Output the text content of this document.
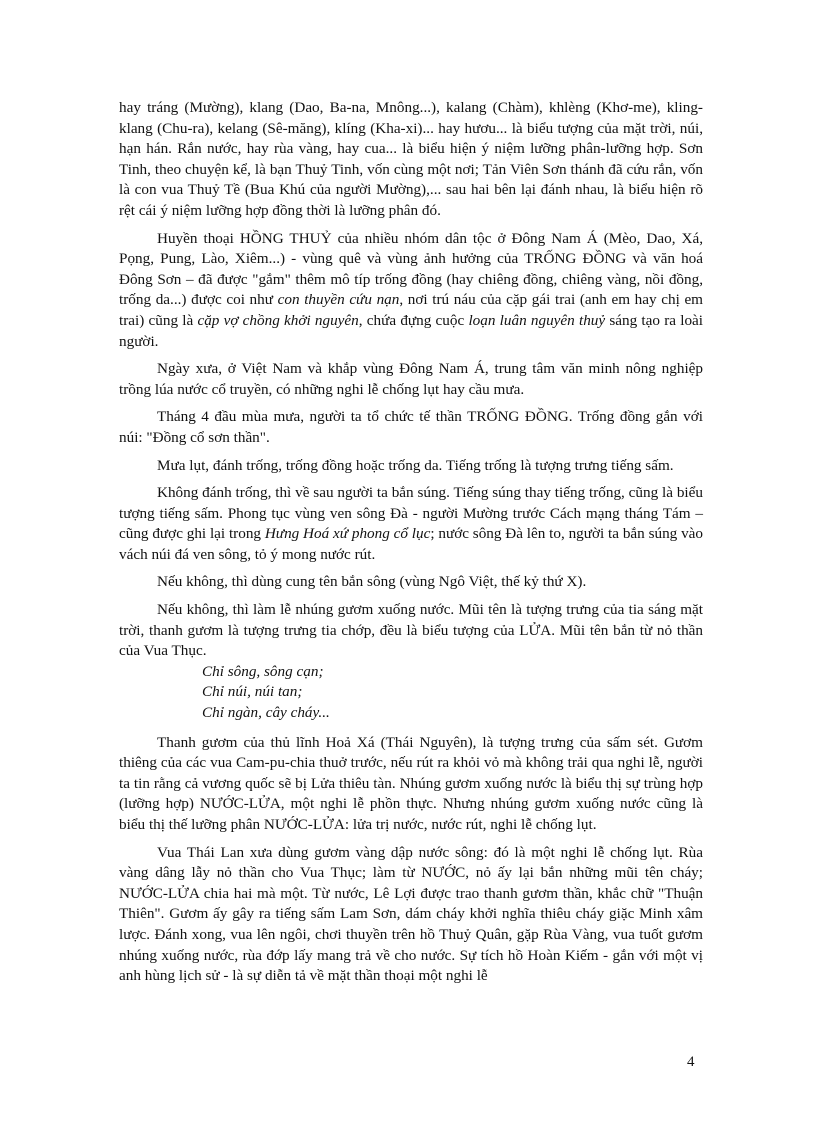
hay tráng (Mường), klang (Dao, Ba-na, Mnông...), kalang (Chàm), khlèng (Khơ-me), kling-klang (Chu-ra), kelang (Sê-măng), klíng (Kha-xi)... hay hươu... là biểu tượng của mặt trời, núi, hạn hán. Rắn nước, hay rùa vàng, hay cua... là biểu hiện ý niệm lưỡng phân-lưỡng hợp. Sơn Tinh, theo chuyện kể, là bạn Thuỷ Tinh, vốn cùng một nơi; Tản Viên Sơn thánh đã cứu rắn, vốn là con vua Thuỷ Tề (Bua Khú của người Mường),... sau hai bên lại đánh nhau, là biểu hiện rõ rệt cái ý niệm lưỡng hợp đồng thời là lưỡng phân đó.

Huyền thoại HỒNG THUỶ của nhiều nhóm dân tộc ở Đông Nam Á (Mèo, Dao, Xá, Pọng, Pung, Lào, Xiêm...) - vùng quê và vùng ảnh hưởng của TRỐNG ĐỒNG và văn hoá Đông Sơn – đã được "gắm" thêm mô típ trống đồng (hay chiêng đồng, chiêng vàng, nồi đồng, trống da...) được coi như con thuyền cứu nạn, nơi trú náu của cặp gái trai (anh em hay chị em trai) cũng là cặp vợ chồng khởi nguyên, chứa đựng cuộc loạn luân nguyên thuỷ sáng tạo ra loài người.

Ngày xưa, ở Việt Nam và khắp vùng Đông Nam Á, trung tâm văn minh nông nghiệp trồng lúa nước cổ truyền, có những nghi lễ chống lụt hay cầu mưa.

Tháng 4 đầu mùa mưa, người ta tổ chức tế thần TRỐNG ĐỒNG. Trống đồng gắn với núi: "Đồng cổ sơn thần".

Mưa lụt, đánh trống, trống đồng hoặc trống da. Tiếng trống là tượng trưng tiếng sấm.

Không đánh trống, thì về sau người ta bắn súng. Tiếng súng thay tiếng trống, cũng là biểu tượng tiếng sấm. Phong tục vùng ven sông Đà - người Mường trước Cách mạng tháng Tám – cũng được ghi lại trong Hưng Hoá xứ phong cổ lục; nước sông Đà lên to, người ta bắn súng vào vách núi đá ven sông, tỏ ý mong nước rút.

Nếu không, thì dùng cung tên bắn sông (vùng Ngô Việt, thế kỷ thứ X).

Nếu không, thì làm lễ nhúng gươm xuống nước. Mũi tên là tượng trưng của tia sáng mặt trời, thanh gươm là tượng trưng tia chớp, đều là biểu tượng của LỬA. Mũi tên bắn từ nỏ thần của Vua Thục.

Chỉ sông, sông cạn;
Chỉ núi, núi tan;
Chỉ ngàn, cây cháy...

Thanh gươm của thủ lĩnh Hoả Xá (Thái Nguyên), là tượng trưng của sấm sét. Gươm thiêng của các vua Cam-pu-chia thuở trước, nếu rút ra khỏi vỏ mà không trải qua nghi lễ, người ta tin rằng cả vương quốc sẽ bị Lửa thiêu tàn. Nhúng gươm xuống nước là biểu thị sự trùng hợp (lưỡng hợp) NƯỚC-LỬA, một nghi lễ phồn thực. Nhưng nhúng gươm xuống nước cũng là biểu thị thế lưỡng phân NƯỚC-LỬA: lửa trị nước, nước rút, nghi lễ chống lụt.

Vua Thái Lan xưa dùng gươm vàng dập nước sông: đó là một nghi lễ chống lụt. Rùa vàng dâng lẫy nỏ thần cho Vua Thục; làm từ NƯỚC, nỏ ấy lại bắn những mũi tên cháy; NƯỚC-LỬA chia hai mà một. Từ nước, Lê Lợi được trao thanh gươm thần, khắc chữ "Thuận Thiên". Gươm ấy gây ra tiếng sấm Lam Sơn, dám cháy khởi nghĩa thiêu cháy giặc Minh xâm lược. Đánh xong, vua lên ngôi, chơi thuyền trên hồ Thuỷ Quân, gặp Rùa Vàng, vua tuốt gươm nhúng xuống nước, rùa đớp lấy mang trả về cho nước. Sự tích hồ Hoàn Kiếm - gắn với một vị anh hùng lịch sử - là sự diễn tả về mặt thần thoại một nghi lễ

4
